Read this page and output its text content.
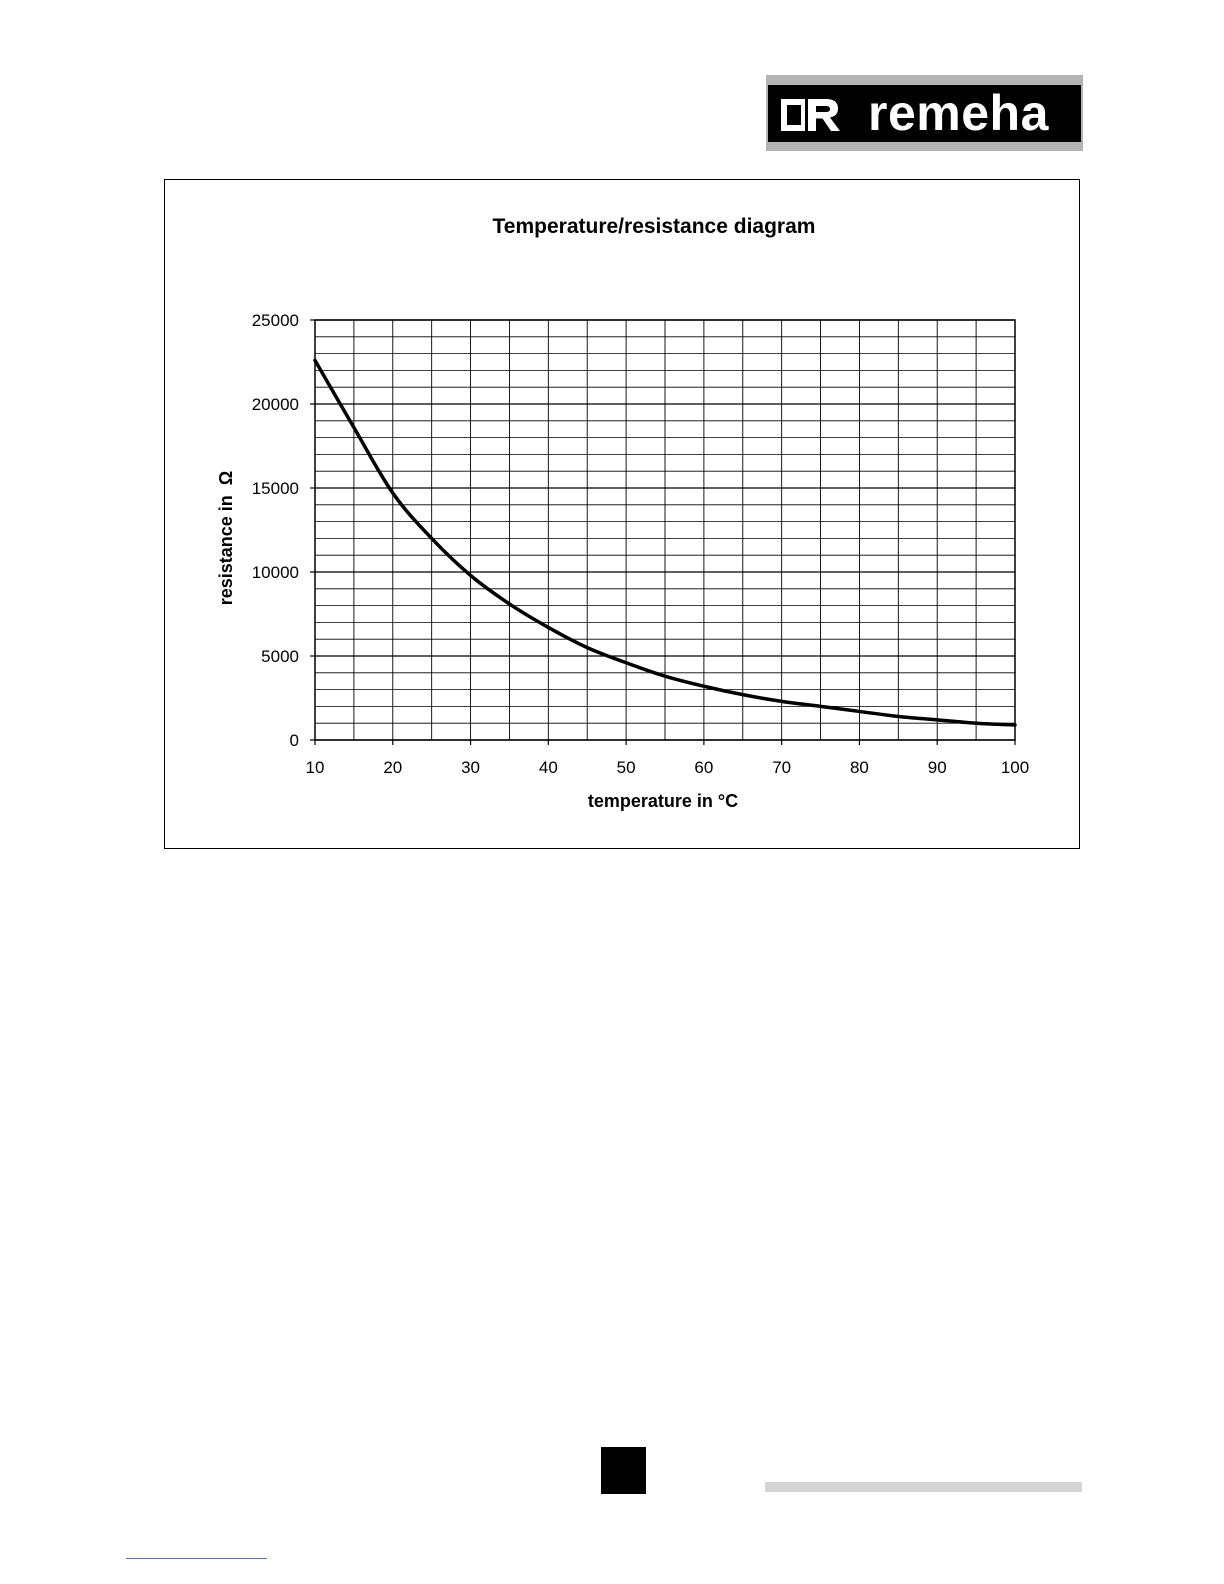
remeha
Temperature/resistance diagram
0
5000
10000
15000
20000
25000
10	20	30	40	50	60	70	80	90	100
temperature in °C
resistance in  Ω
